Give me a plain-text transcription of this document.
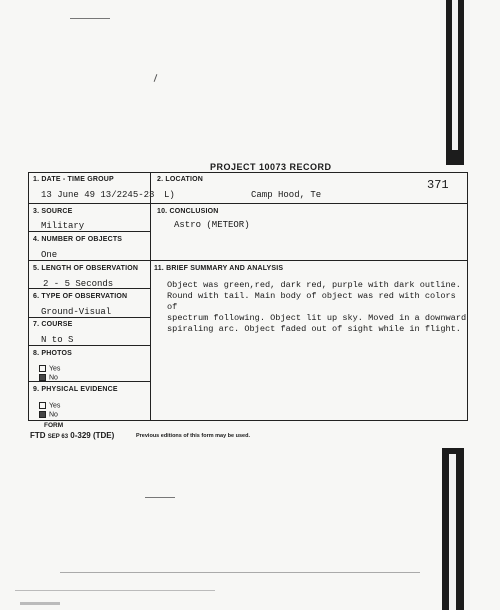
PROJECT 10073 RECORD
1. DATE - TIME GROUP
13 June 49 13/2245-23
2. LOCATION
L)	Camp Hood, Te
3. SOURCE
Military
10. CONCLUSION
Astro (METEOR)
4. NUMBER OF OBJECTS
One
5. LENGTH OF OBSERVATION
2 - 5 Seconds
11. BRIEF SUMMARY AND ANALYSIS
Object was green,red, dark red, purple with dark outline.
Round with tail. Main body of object was red with colors of
spectrum following. Object lit up sky. Moved in a downward
spiraling arc. Object faded out of sight while in flight.
6. TYPE OF OBSERVATION
Ground-Visual
7. COURSE
N to S
8. PHOTOS
Yes
No
9. PHYSICAL EVIDENCE
Yes
No
371
FORM
FTD SEP 63 0-329 (TDE)	Previous editions of this form may be used.
